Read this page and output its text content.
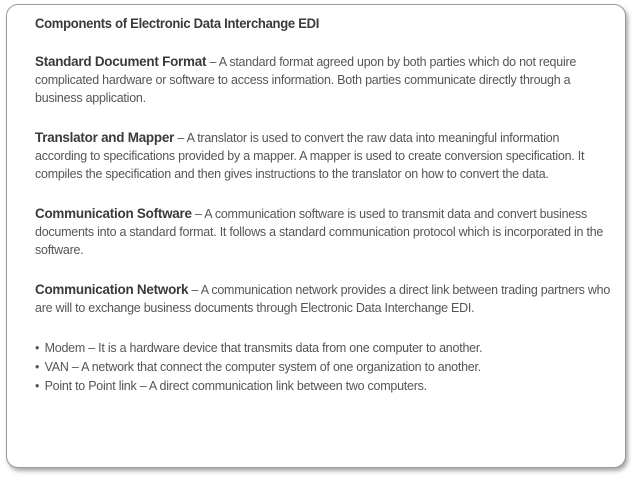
Components of Electronic Data Interchange EDI

Standard Document Format – A standard format agreed upon by both parties which do not require complicated hardware or software to access information. Both parties communicate directly through a business application.

Translator and Mapper – A translator is used to convert the raw data into meaningful information according to specifications provided by a mapper. A mapper is used to create conversion specification. It compiles the specification and then gives instructions to the translator on how to convert the data.

Communication Software – A communication software is used to transmit data and convert business documents into a standard format. It follows a standard communication protocol which is incorporated in the software.

Communication Network – A communication network provides a direct link between trading partners who are will to exchange business documents through Electronic Data Interchange EDI.

• Modem – It is a hardware device that transmits data from one computer to another.
• VAN – A network that connect the computer system of one organization to another.
• Point to Point link – A direct communication link between two computers.
